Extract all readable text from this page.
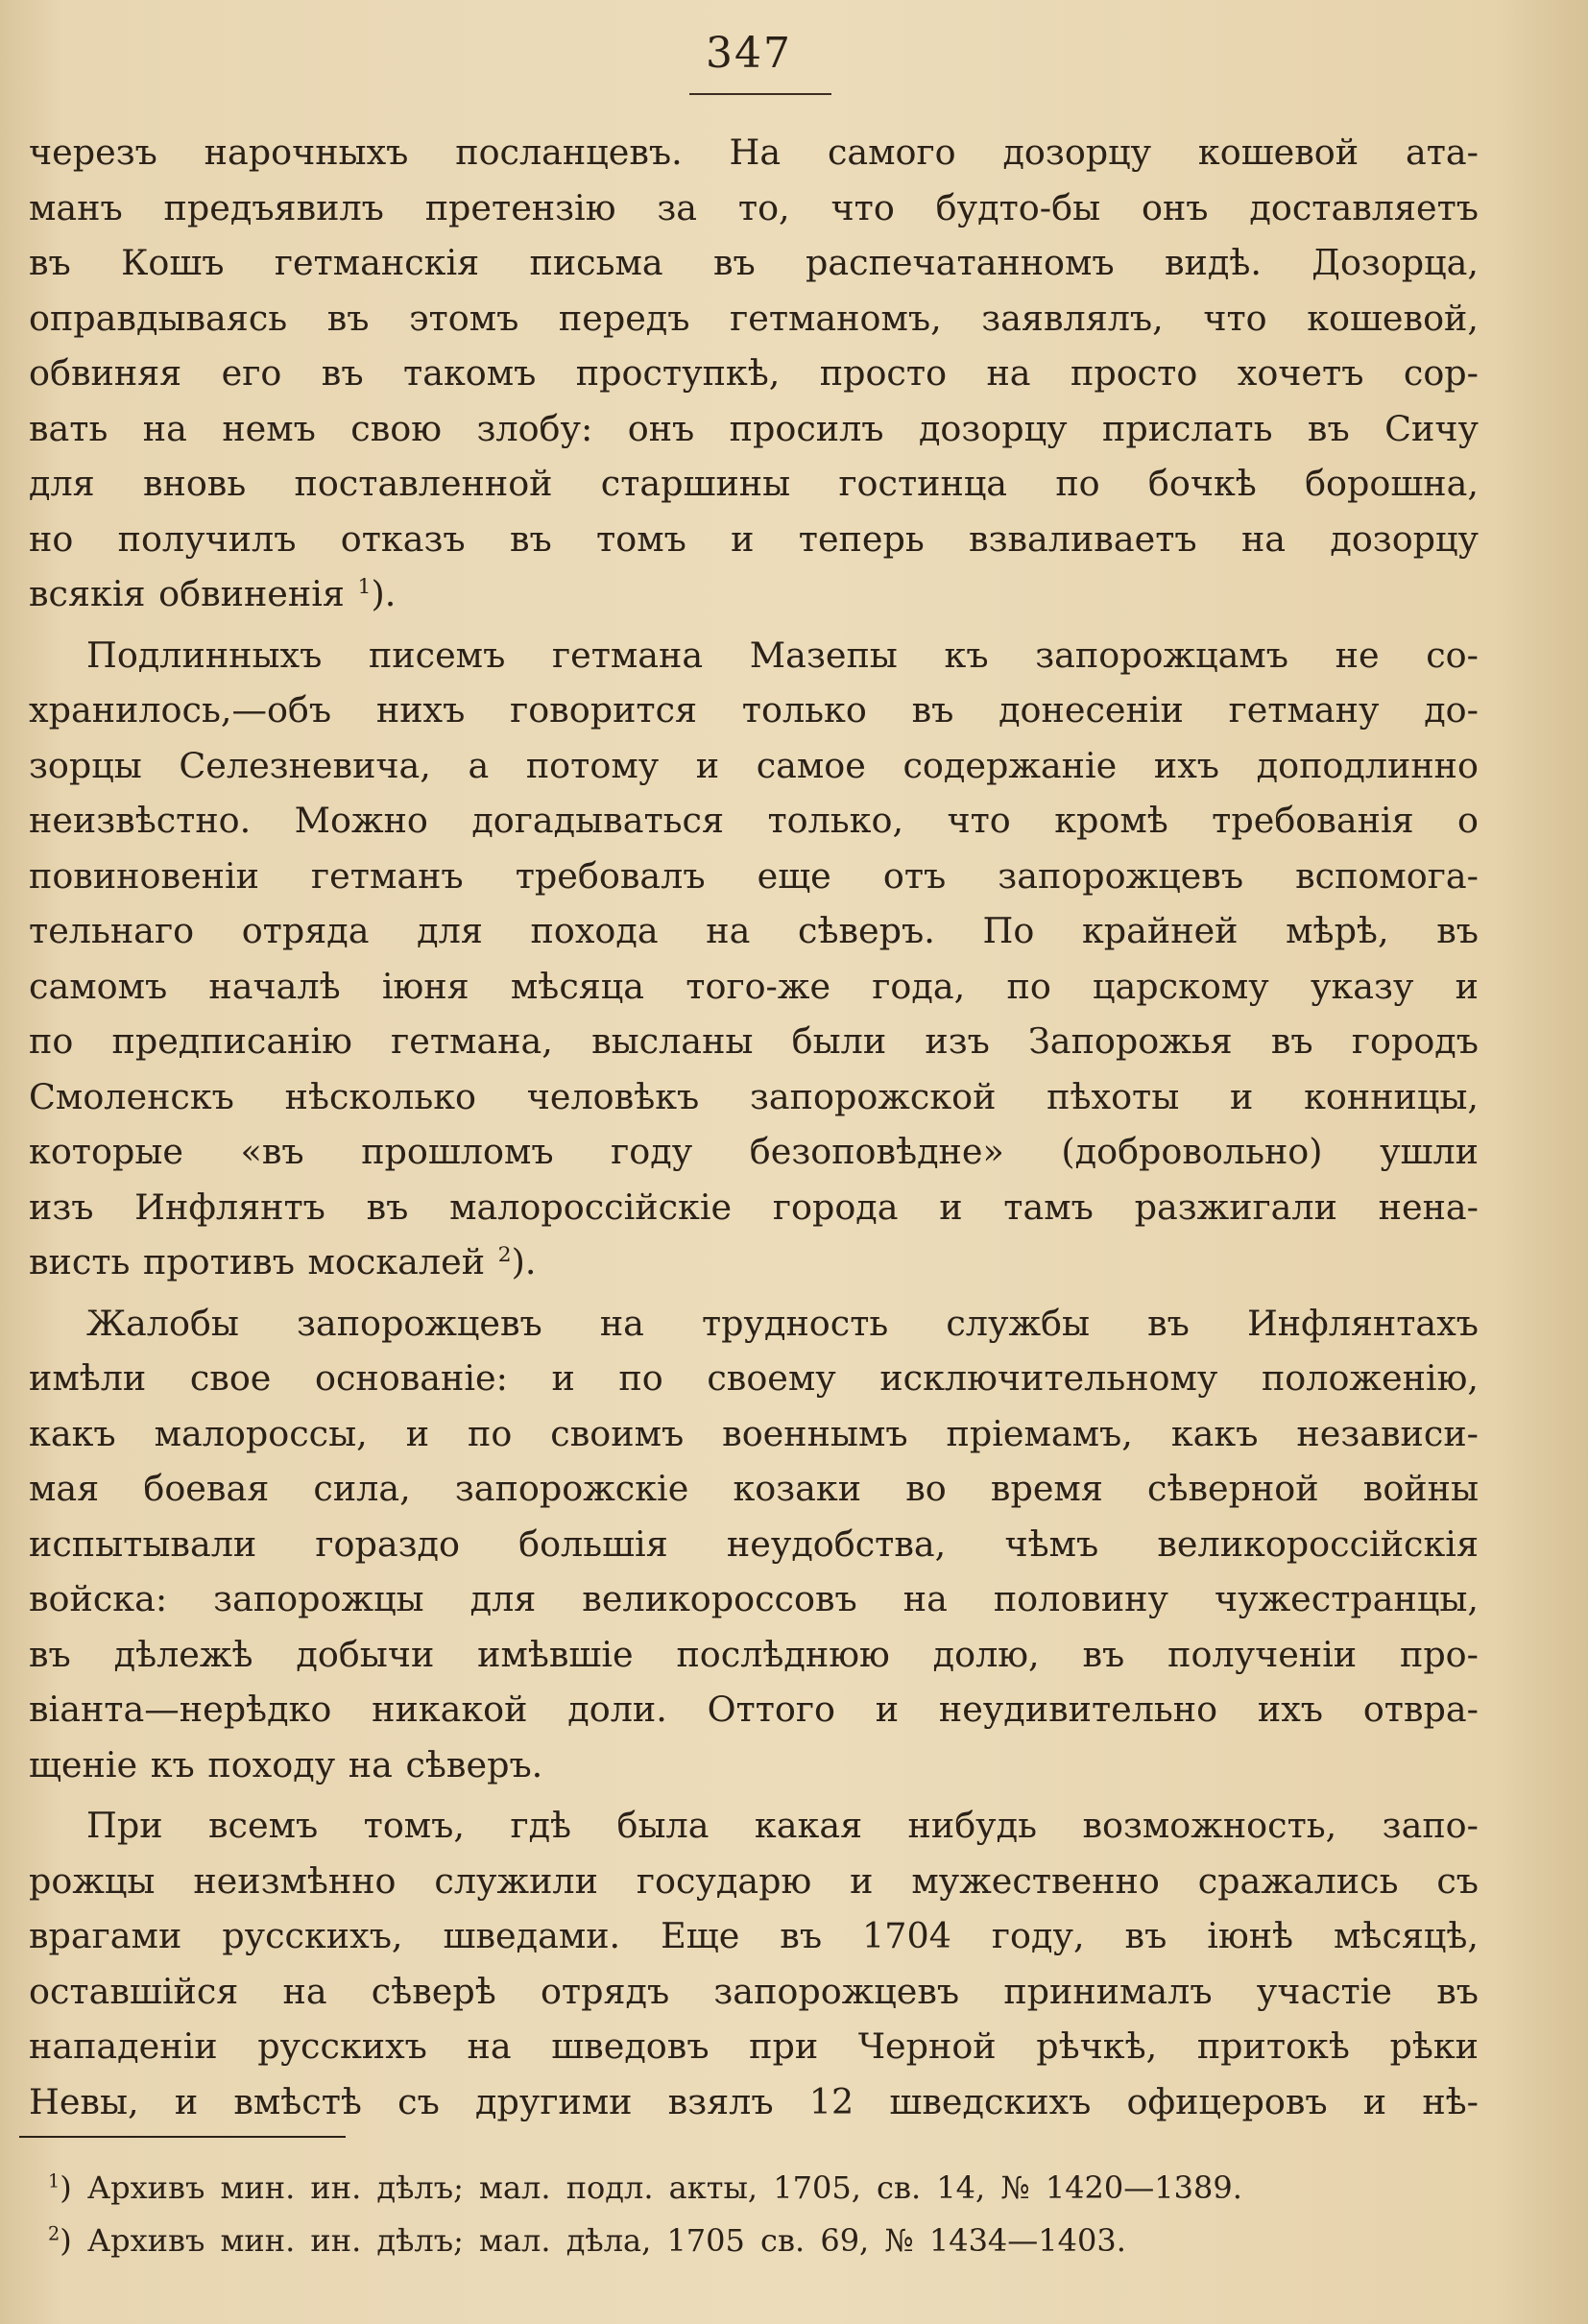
347
черезъ нарочныхъ посланцевъ. На самого дозорцу кошевой ата-
манъ предъявилъ претензiю за то, что будто-бы онъ доставляетъ
въ Кошъ гетманскiя письма въ распечатанномъ видѣ. Дозорца,
оправдываясь въ этомъ передъ гетманомъ, заявлялъ, что кошевой,
обвиняя его въ такомъ проступкѣ, просто на просто хочетъ сор-
вать на немъ свою злобу: онъ просилъ дозорцу прислать въ Сичу
для вновь поставленной старшины гостинца по бочкѣ борошна,
но получилъ отказъ въ томъ и теперь взваливаетъ на дозорцу
всякiя обвиненiя $^1$).
Подлинныхъ писемъ гетмана Мазепы къ запорожцамъ не со-
хранилось,—объ нихъ говорится только въ донесенiи гетману до-
зорцы Селезневича, а потому и самое содержанiе ихъ доподлинно
неизвѣстно. Можно догадываться только, что кромѣ требованiя о
повиновенiи гетманъ требовалъ еще отъ запорожцевъ вспомога-
тельнаго отряда для похода на сѣверъ. По крайней мѣрѣ, въ
самомъ началѣ iюня мѣсяца того-же года, по царскому указу и
по предписанiю гетмана, высланы были изъ Запорожья въ городъ
Смоленскъ нѣсколько человѣкъ запорожской пѣхоты и конницы,
которые «въ прошломъ году безоповѣдне» (добровольно) ушли
изъ Инфлянтъ въ малороссiйскiе города и тамъ разжигали нена-
висть противъ москалей $^2$).
Жалобы запорожцевъ на трудность службы въ Инфлянтахъ
имѣли свое основанiе: и по своему исключительному положенiю,
какъ малороссы, и по своимъ военнымъ прiемамъ, какъ независи-
мая боевая сила, запорожскiе козаки во время сѣверной войны
испытывали гораздо большiя неудобства, чѣмъ великороссiйскiя
войска: запорожцы для великороссовъ на половину чужестранцы,
въ дѣлежѣ добычи имѣвшiе послѣднюю долю, въ полученiи про-
вiанта—нерѣдко никакой доли. Оттого и неудивительно ихъ отвра-
щенiе къ походу на сѣверъ.
При всемъ томъ, гдѣ была какая нибудь возможность, запо-
рожцы неизмѣнно служили государю и мужественно сражались съ
врагами русскихъ, шведами. Еще въ 1704 году, въ iюнѣ мѣсяцѣ,
оставшiйся на сѣверѣ отрядъ запорожцевъ принималъ участiе въ
нападенiи русскихъ на шведовъ при Черной рѣчкѣ, притокѣ рѣки
Невы, и вмѣстѣ съ другими взялъ 12 шведскихъ офицеровъ и нѣ-
$^1$) Архивъ мин. ин. дѣлъ; мал. подл. акты, 1705, св. 14, № 1420—1389.
$^2$) Архивъ мин. ин. дѣлъ; мал. дѣла, 1705 св. 69, № 1434—1403.
